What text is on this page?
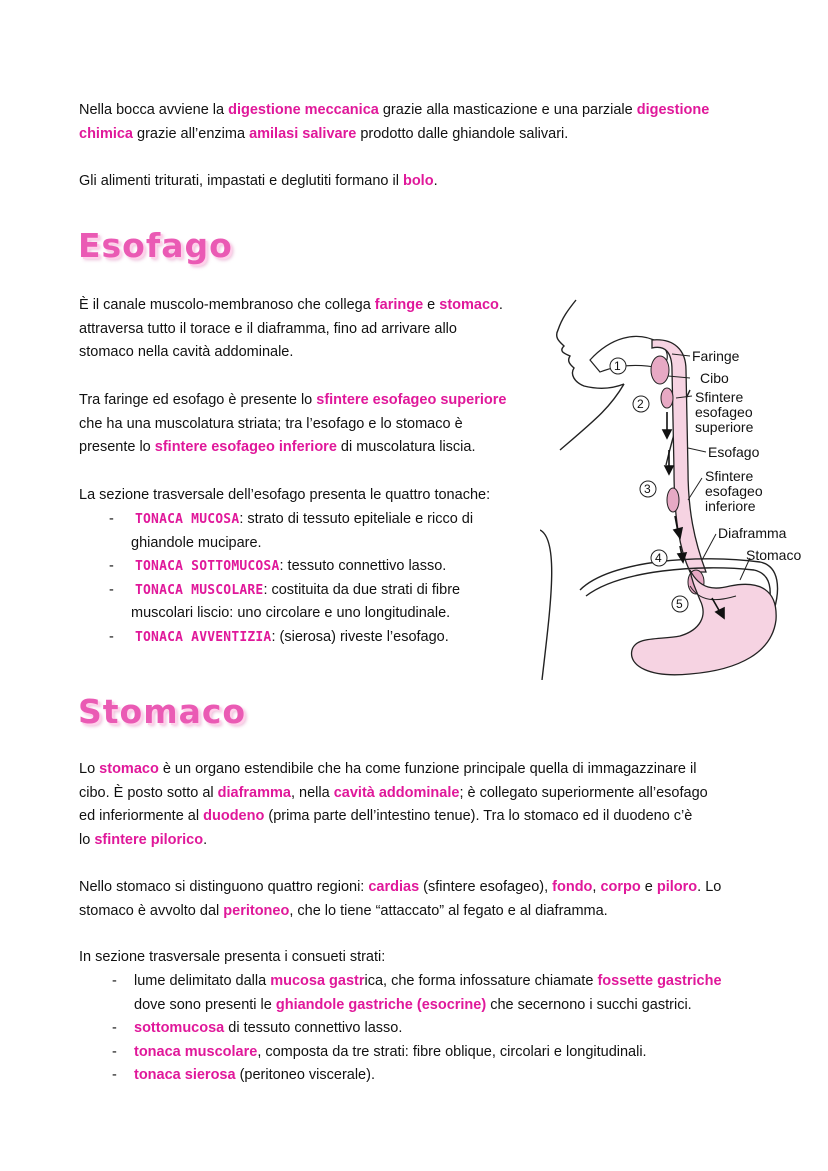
Nella bocca avviene la digestione meccanica grazie alla masticazione e una parziale digestione
chimica grazie all’enzima amilasi salivare prodotto dalle ghiandole salivari.

Gli alimenti triturati, impastati e deglutiti formano il bolo.

Esofago

È il canale muscolo-membranoso che collega faringe e stomaco.
attraversa tutto il torace e il diaframma, fino ad arrivare allo
stomaco nella cavità addominale.

Tra faringe ed esofago è presente lo sfintere esofageo superiore
che ha una muscolatura striata; tra l’esofago e lo stomaco è
presente lo sfintere esofageo inferiore di muscolatura liscia.

La sezione trasversale dell’esofago presenta le quattro tonache:

- TONACA MUCOSA: strato di tessuto epiteliale e ricco di
ghiandole mucipare.
- TONACA SOTTOMUCOSA: tessuto connettivo lasso.
- TONACA MUSCOLARE: costituita da due strati di fibre
muscolari liscio: uno circolare e uno longitudinale.
- TONACA AVVENTIZIA: (sierosa) riveste l’esofago.
1
2
3
4
5
Faringe
Cibo
Sfintere
esofageo
superiore
Esofago
Sfintere
esofageo
inferiore
Diaframma
Stomaco
Stomaco

Lo stomaco è un organo estendibile che ha come funzione principale quella di immagazzinare il
cibo. È posto sotto al diaframma, nella cavità addominale; è collegato superiormente all’esofago
ed inferiormente al duodeno (prima parte dell’intestino tenue). Tra lo stomaco ed il duodeno c’è
lo sfintere pilorico.

Nello stomaco si distinguono quattro regioni: cardias (sfintere esofageo), fondo, corpo e piloro. Lo
stomaco è avvolto dal peritoneo, che lo tiene “attaccato” al fegato e al diaframma.

In sezione trasversale presenta i consueti strati:

- lume delimitato dalla mucosa gastrica, che forma infossature chiamate fossette gastriche
dove sono presenti le ghiandole gastriche (esocrine) che secernono i succhi gastrici.
- sottomucosa di tessuto connettivo lasso.
- tonaca muscolare, composta da tre strati: fibre oblique, circolari e longitudinali.
- tonaca sierosa (peritoneo viscerale).
